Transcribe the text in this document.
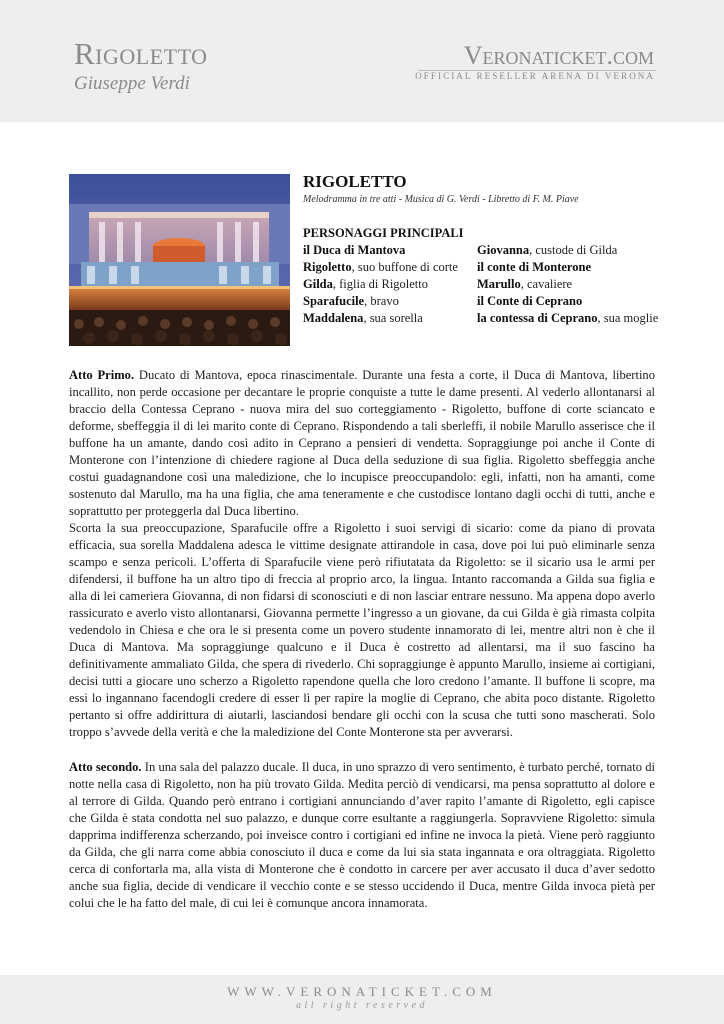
Rigoletto
Giuseppe Verdi
Veronaticket.com
OFFICIAL RESELLER ARENA DI VERONA
RIGOLETTO
Melodramma in tre atti - Musica di G. Verdi - Libretto di F. M. Piave
PERSONAGGI PRINCIPALI
il Duca di Mantova
Rigoletto, suo buffone di corte
Gilda, figlia di Rigoletto
Sparafucile, bravo
Maddalena, sua sorella
Giovanna, custode di Gilda
il conte di Monterone
Marullo, cavaliere
il Conte di Ceprano
la contessa di Ceprano, sua moglie

Atto Primo. Ducato di Mantova, epoca rinascimentale. Durante una festa a corte, il Duca di Mantova, libertino incallito, non perde occasione per decantare le proprie conquiste a tutte le dame presenti. Al vederlo allontanarsi al braccio della Contessa Ceprano - nuova mira del suo corteggiamento - Rigoletto, buffone di corte sciancato e deforme, sbeffeggia il di lei marito conte di Ceprano. Rispondendo a tali sberleffi, il nobile Marullo asserisce che il buffone ha un amante, dando così adito in Ceprano a pensieri di vendetta. Sopraggiunge poi anche il Conte di Monterone con l’intenzione di chiedere ragione al Duca della seduzione di sua figlia. Rigoletto sbeffeggia anche costui guadagnandone così una maledizione, che lo incupisce preoccupandolo: egli, infatti, non ha amanti, come sostenuto dal Marullo, ma ha una figlia, che ama teneramente e che custodisce lontano dagli occhi di tutti, anche e soprattutto per proteggerla dal Duca libertino.

Scorta la sua preoccupazione, Sparafucile offre a Rigoletto i suoi servigi di sicario: come da piano di provata efficacia, sua sorella Maddalena adesca le vittime designate attirandole in casa, dove poi lui può eliminarle senza scampo e senza pericoli. L’offerta di Sparafucile viene però rifiutatata da Rigoletto: se il sicario usa le armi per difendersi, il buffone ha un altro tipo di freccia al proprio arco, la lingua. Intanto raccomanda a Gilda sua figlia e alla di lei cameriera Giovanna, di non fidarsi di sconosciuti e di non lasciar entrare nessuno. Ma appena dopo averlo rassicurato e averlo visto allontanarsi, Giovanna permette l’ingresso a un giovane, da cui Gilda è già rimasta colpita vedendolo in Chiesa e che ora le si presenta come un povero studente innamorato di lei, mentre altri non è che il Duca di Mantova. Ma sopraggiunge qualcuno e il Duca è costretto ad allentarsi, ma il suo fascino ha definitivamente ammaliato Gilda, che spera di rivederlo. Chi sopraggiunge è appunto Marullo, insieme ai cortigiani, decisi tutti a giocare uno scherzo a Rigoletto rapendone quella che loro credono l’amante. Il buffone li scopre, ma essi lo ingannano facendogli credere di esser lì per rapire la moglie di Ceprano, che abita poco distante. Rigoletto pertanto si offre addirittura di aiutarli, lasciandosi bendare gli occhi con la scusa che tutti sono mascherati. Solo troppo s’avvede della verità e che la maledizione del Conte Monterone sta per avverarsi.

Atto secondo. In una sala del palazzo ducale. Il duca, in uno sprazzo di vero sentimento, è turbato perché, tornato di notte nella casa di Rigoletto, non ha più trovato Gilda. Medita perciò di vendicarsi, ma pensa soprattutto al dolore e al terrore di Gilda. Quando però entrano i cortigiani annunciando d’aver rapito l’amante di Rigoletto, egli capisce che Gilda è stata condotta nel suo palazzo, e dunque corre esultante a raggiungerla. Sopravviene Rigoletto: simula dapprima indifferenza scherzando, poi inveisce contro i cortigiani ed infine ne invoca la pietà. Viene però raggiunto da Gilda, che gli narra come abbia conosciuto il duca e come da lui sia stata ingannata e ora oltraggiata. Rigoletto cerca di confortarla ma, alla vista di Monterone che è condotto in carcere per aver accusato il duca d’aver sedotto anche sua figlia, decide di vendicare il vecchio conte e se stesso uccidendo il Duca, mentre Gilda invoca pietà per colui che le ha fatto del male, di cui lei è comunque ancora innamorata.

WWW.VERONATICKET.COM
all right reserved
